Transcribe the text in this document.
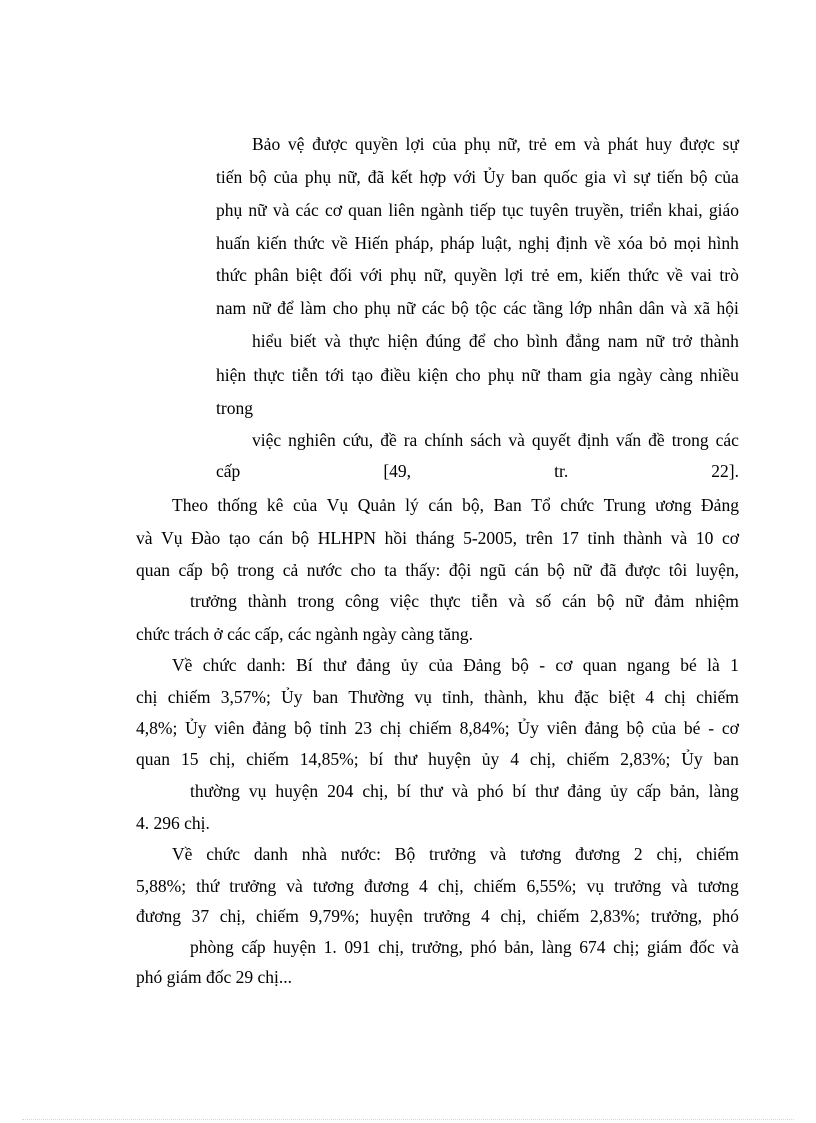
Bảo vệ được quyền lợi của phụ nữ, trẻ em và phát huy được sự

tiến bộ của phụ nữ, đã kết hợp với Ủy ban quốc gia vì sự tiến bộ của

phụ nữ và các cơ quan liên ngành tiếp tục tuyên truyền, triển khai, giáo

huấn kiến thức về Hiến pháp, pháp luật, nghị định về xóa bỏ mọi hình

thức phân biệt đối với phụ nữ, quyền lợi trẻ em, kiến thức về vai trò

nam nữ để làm cho phụ nữ các bộ tộc các tầng lớp nhân dân và xã hội

hiểu biết và thực hiện đúng để cho bình đẳng nam nữ trở thành

hiện thực tiễn tới tạo điều kiện cho phụ nữ tham gia ngày càng nhiều

trong

việc nghiên cứu, đề ra chính sách và quyết định vấn đề trong các

cấp	[49,	tr.	22].

Theo thống kê của Vụ Quản lý cán bộ, Ban Tổ chức Trung ương Đảng

và Vụ Đào tạo cán bộ HLHPN hồi tháng 5-2005, trên 17 tỉnh thành và 10 cơ

quan cấp bộ trong cả nước cho ta thấy: đội ngũ cán bộ nữ đã được tôi luyện,

trưởng thành trong công việc thực tiễn và số cán bộ nữ đảm nhiệm

chức trách ở các cấp, các ngành ngày càng tăng.

Về chức danh: Bí thư đảng ủy của Đảng bộ - cơ quan ngang bé là 1

chị chiếm 3,57%; Ủy ban Thường vụ tỉnh, thành, khu đặc biệt 4 chị chiếm

4,8%; Ủy viên đảng bộ tỉnh 23 chị chiếm 8,84%; Ủy viên đảng bộ của bé - cơ

quan 15 chị, chiếm 14,85%; bí thư huyện ủy 4 chị, chiếm 2,83%; Ủy ban

thường vụ huyện 204 chị, bí thư và phó bí thư đảng ủy cấp bản, làng

4. 296 chị.

Về chức danh nhà nước: Bộ trưởng và tương đương 2 chị, chiếm

5,88%; thứ trưởng và tương đương 4 chị, chiếm 6,55%; vụ trưởng và tương

đương 37 chị, chiếm 9,79%; huyện trưởng 4 chị, chiếm 2,83%; trưởng, phó

phòng cấp huyện 1. 091 chị, trưởng, phó bản, làng 674 chị; giám đốc và

phó giám đốc 29 chị...
